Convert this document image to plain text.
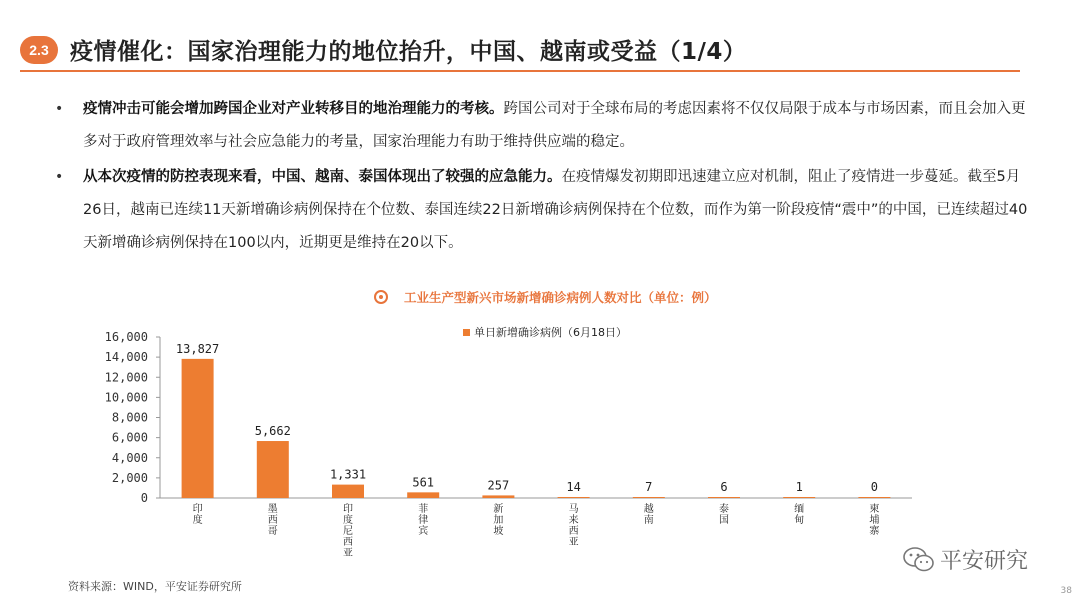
2.3 疫情催化：国家治理能力的地位抬升，中国、越南或受益（1/4）
• 疫情冲击可能会增加跨国企业对产业转移目的地治理能力的考核。跨国公司对于全球布局的考虑因素将不仅仅局限于成本与市场因素，而且会加入更多对于政府管理效率与社会应急能力的考量，国家治理能力有助于维持供应端的稳定。
• 从本次疫情的防控表现来看，中国、越南、泰国体现出了较强的应急能力。在疫情爆发初期即迅速建立应对机制，阻止了疫情进一步蔓延。截至5月26日，越南已连续11天新增确诊病例保持在个位数、泰国连续22日新增确诊病例保持在个位数，而作为第一阶段疫情“震中”的中国，已连续超过40天新增确诊病例保持在100以内，近期更是维持在20以下。
工业生产型新兴市场新增确诊病例人数对比（单位：例）
0
2,000
4,000
6,000
8,000
10,000
12,000
14,000
16,000	单日新增确诊病例（6月18日）
13,827
印度
5,662
墨西哥
1,331
印度尼西亚
561
菲律宾
257
新加坡
14
马来西亚
7
越南
6
泰国
1
缅甸
0
柬埔寨
资料来源：WIND，平安证券研究所
平安研究
38
